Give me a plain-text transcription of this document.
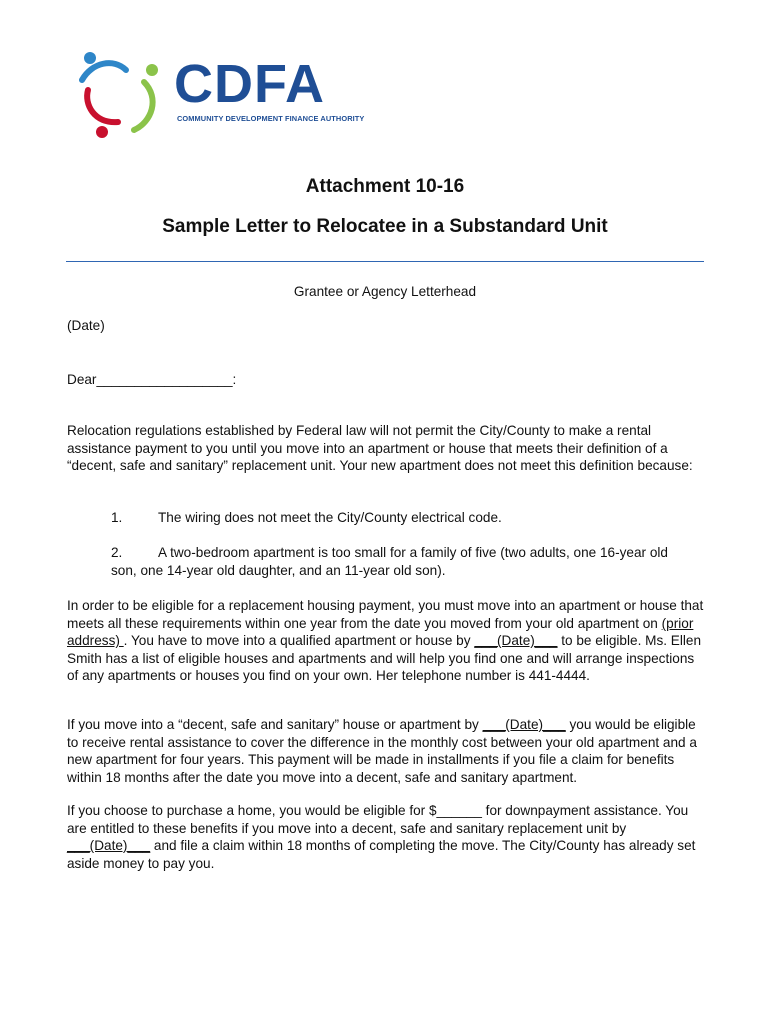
CDFA
COMMUNITY DEVELOPMENT FINANCE AUTHORITY
Attachment 10-16
Sample Letter to Relocatee in a Substandard Unit
Grantee or Agency Letterhead
(Date)
Dear__________________:
Relocation regulations established by Federal law will not permit the City/County to make a rental assistance payment to you until you move into an apartment or house that meets their definition of a “decent, safe and sanitary” replacement unit. Your new apartment does not meet this definition because:
1.	The wiring does not meet the City/County electrical code.
2.	A two-bedroom apartment is too small for a family of five (two adults, one 16-year old
son, one 14-year old daughter, and an 11-year old son).
In order to be eligible for a replacement housing payment, you must move into an apartment or house that meets all these requirements within one year from the date you moved from your old apartment on (prior address) . You have to move into a qualified apartment or house by ___(Date)___ to be eligible. Ms. Ellen Smith has a list of eligible houses and apartments and will help you find one and will arrange inspections of any apartments or houses you find on your own. Her telephone number is 441-4444.
If you move into a “decent, safe and sanitary” house or apartment by ___(Date)___ you would be eligible to receive rental assistance to cover the difference in the monthly cost between your old apartment and a new apartment for four years. This payment will be made in installments if you file a claim for benefits within 18 months after the date you move into a decent, safe and sanitary apartment.
If you choose to purchase a home, you would be eligible for $______ for downpayment assistance. You are entitled to these benefits if you move into a decent, safe and sanitary replacement unit by ___(Date)___ and file a claim within 18 months of completing the move. The City/County has already set aside money to pay you.
